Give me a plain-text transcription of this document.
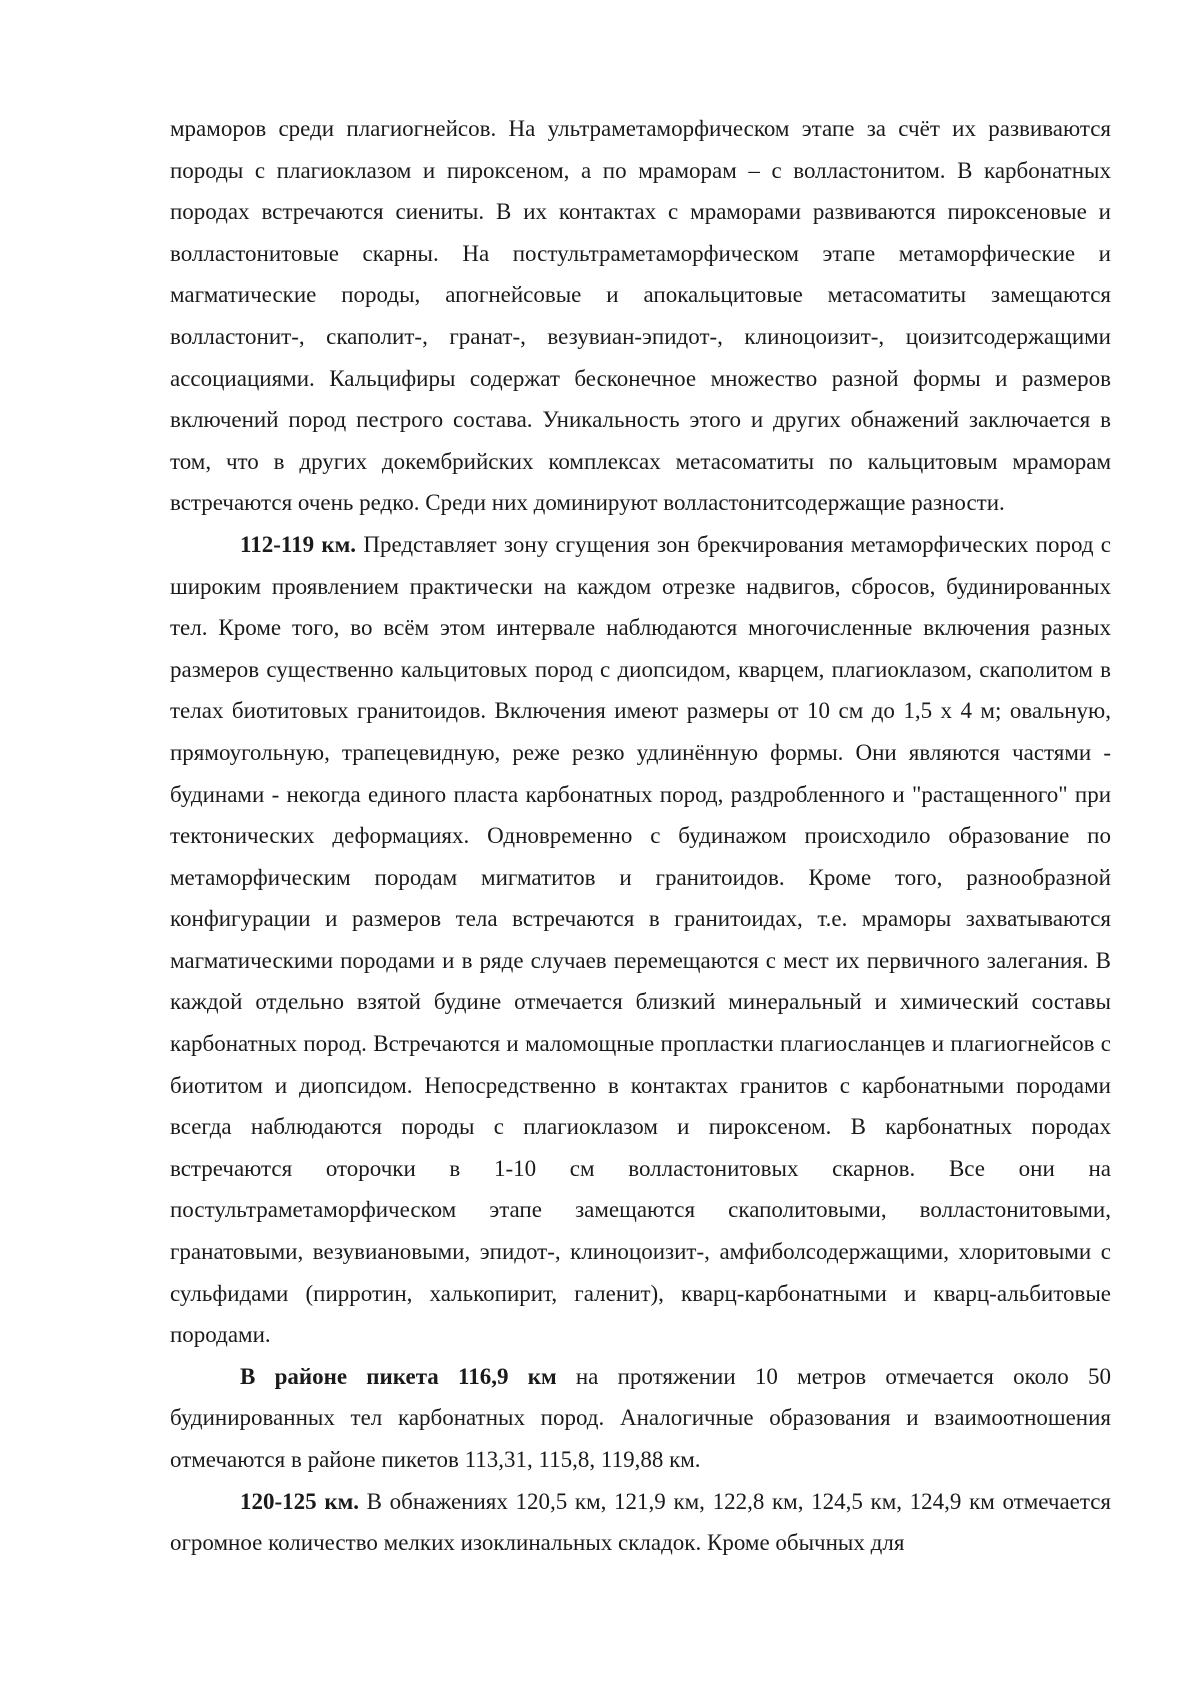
мраморов среди плагиогнейсов. На ультраметаморфическом этапе за счёт их развиваются породы с плагиоклазом и пироксеном, а по мраморам – с волластонитом. В карбонатных породах встречаются сиениты. В их контактах с мраморами развиваются пироксеновые и волластонитовые скарны. На постультраметаморфическом этапе метаморфические и магматические породы, апогнейсовые и апокальцитовые метасоматиты замещаются волластонит-, скаполит-, гранат-, везувиан-эпидот-, клиноцоизит-, цоизитсодержащими ассоциациями. Кальцифиры содержат бесконечное множество разной формы и размеров включений пород пестрого состава. Уникальность этого и других обнажений заключается в том, что в других докембрийских комплексах метасоматиты по кальцитовым мраморам встречаются очень редко. Среди них доминируют волластонитсодержащие разности.

112-119 км. Представляет зону сгущения зон брекчирования метаморфических пород с широким проявлением практически на каждом отрезке надвигов, сбросов, будинированных тел. Кроме того, во всём этом интервале наблюдаются многочисленные включения разных размеров существенно кальцитовых пород с диопсидом, кварцем, плагиоклазом, скаполитом в телах биотитовых гранитоидов. Включения имеют размеры от 10 см до 1,5 х 4 м; овальную, прямоугольную, трапецевидную, реже резко удлинённую формы. Они являются частями - будинами - некогда единого пласта карбонатных пород, раздробленного и "растащенного" при тектонических деформациях. Одновременно с будинажом происходило образование по метаморфическим породам мигматитов и гранитоидов. Кроме того, разнообразной конфигурации и размеров тела встречаются в гранитоидах, т.е. мраморы захватываются магматическими породами и в ряде случаев перемещаются с мест их первичного залегания. В каждой отдельно взятой будине отмечается близкий минеральный и химический составы карбонатных пород. Встречаются и маломощные пропластки плагиосланцев и плагиогнейсов с биотитом и диопсидом. Непосредственно в контактах гранитов с карбонатными породами всегда наблюдаются породы с плагиоклазом и пироксеном. В карбонатных породах встречаются оторочки в 1-10 см волластонитовых скарнов. Все они на постультраметаморфическом этапе замещаются скаполитовыми, волластонитовыми, гранатовыми, везувиановыми, эпидот-, клиноцоизит-, амфиболсодержащими, хлоритовыми с сульфидами (пирротин, халькопирит, галенит), кварц-карбонатными и кварц-альбитовые породами.

В районе пикета 116,9 км на протяжении 10 метров отмечается около 50 будинированных тел карбонатных пород. Аналогичные образования и взаимоотношения отмечаются в районе пикетов 113,31, 115,8, 119,88 км.

120-125 км. В обнажениях 120,5 км, 121,9 км, 122,8 км, 124,5 км, 124,9 км отмечается огромное количество мелких изоклинальных складок. Кроме обычных для
